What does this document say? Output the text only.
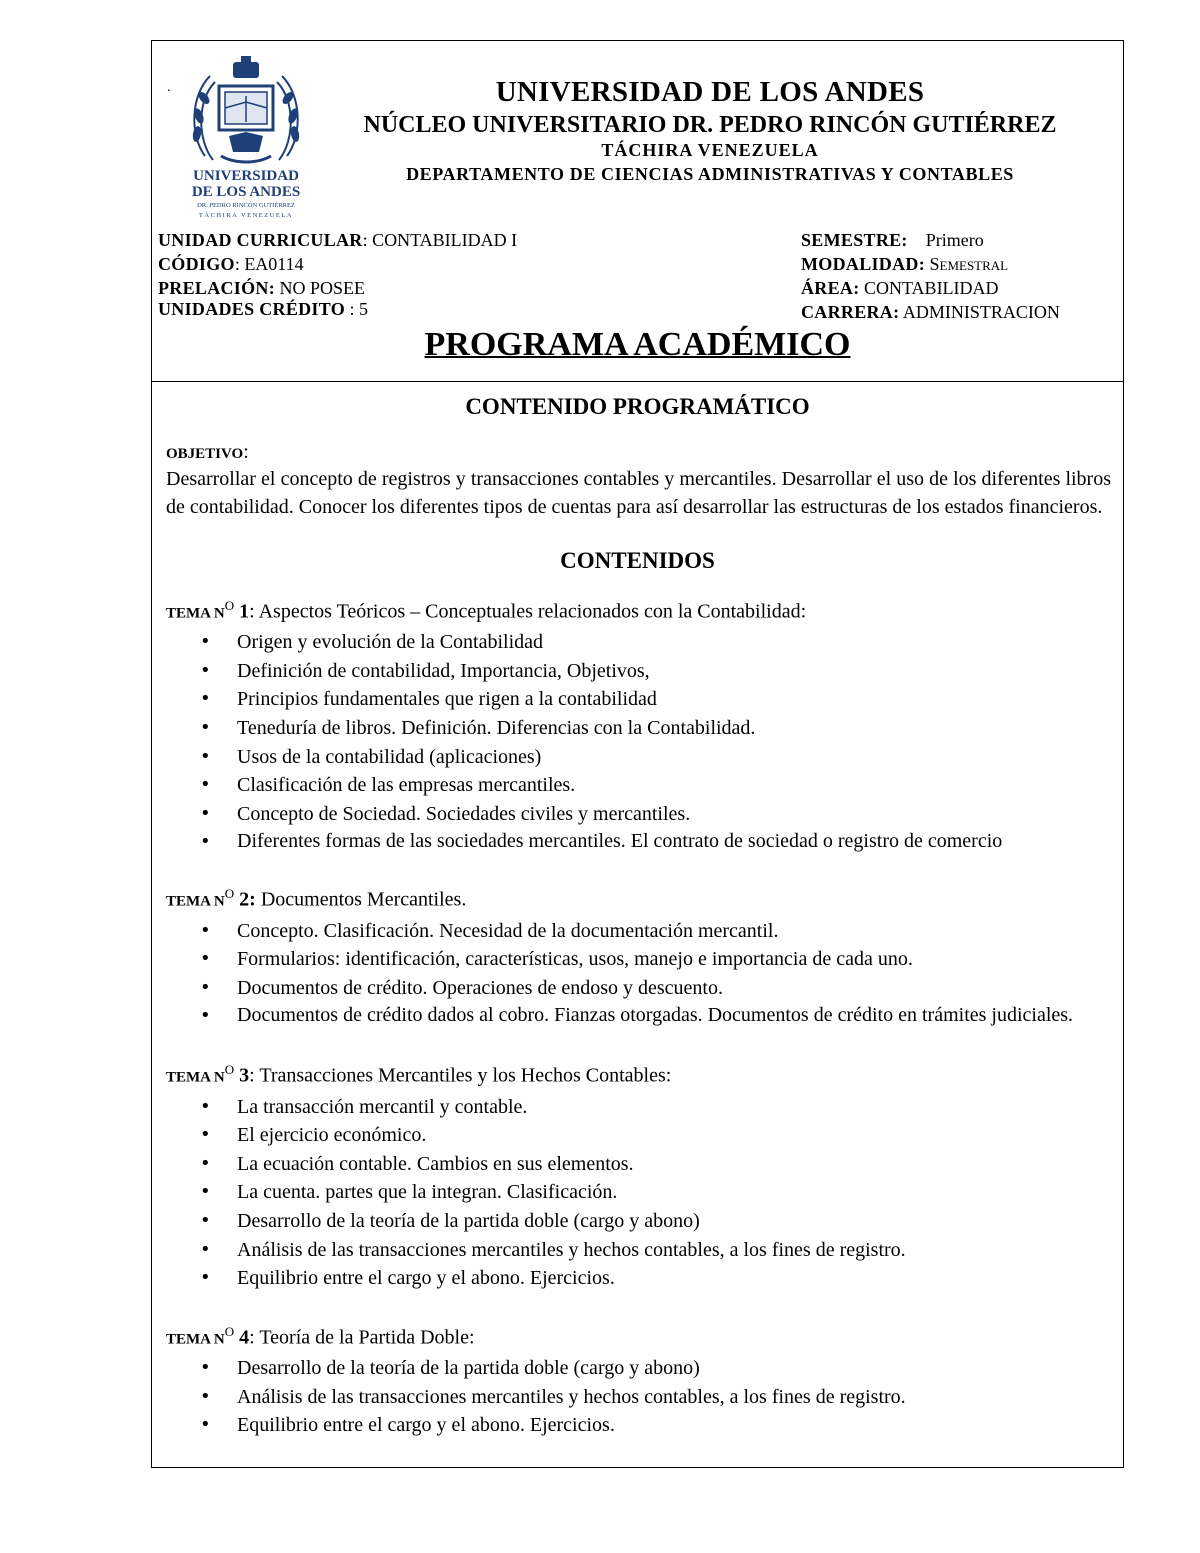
.
UNIVERSIDAD
DE LOS ANDES
DR. PEDRO RINCÓN GUTIÉRREZ
TÁCHIRA VENEZUELA
UNIVERSIDAD DE LOS ANDES
NÚCLEO UNIVERSITARIO DR. PEDRO RINCÓN GUTIÉRREZ
TÁCHIRA VENEZUELA
DEPARTAMENTO DE CIENCIAS ADMINISTRATIVAS Y CONTABLES
UNIDAD CURRICULAR: CONTABILIDAD I
CÓDIGO: EA0114
PRELACIÓN: NO POSEE
UNIDADES CRÉDITO : 5
SEMESTRE: Primero
MODALIDAD: Semestral
ÁREA: CONTABILIDAD
CARRERA: ADMINISTRACION
PROGRAMA ACADÉMICO
CONTENIDO PROGRAMÁTICO
OBJETIVO:
Desarrollar el concepto de registros y transacciones contables y mercantiles. Desarrollar el uso de los diferentes libros de contabilidad. Conocer los diferentes tipos de cuentas para así desarrollar las estructuras de los estados financieros.
CONTENIDOS
TEMA $N^O$ 1: Aspectos Teóricos – Conceptuales relacionados con la Contabilidad:
• Origen y evolución de la Contabilidad
• Definición de contabilidad, Importancia, Objetivos,
• Principios fundamentales que rigen a la contabilidad
• Teneduría de libros. Definición. Diferencias con la Contabilidad.
• Usos de la contabilidad (aplicaciones)
• Clasificación de las empresas mercantiles.
• Concepto de Sociedad. Sociedades civiles y mercantiles.
• Diferentes formas de las sociedades mercantiles. El contrato de sociedad o registro de comercio
TEMA $N^O$ 2: Documentos Mercantiles.
• Concepto. Clasificación. Necesidad de la documentación mercantil.
• Formularios: identificación, características, usos, manejo e importancia de cada uno.
• Documentos de crédito. Operaciones de endoso y descuento.
• Documentos de crédito dados al cobro. Fianzas otorgadas. Documentos de crédito en trámites judiciales.
TEMA $N^O$ 3: Transacciones Mercantiles y los Hechos Contables:
• La transacción mercantil y contable.
• El ejercicio económico.
• La ecuación contable. Cambios en sus elementos.
• La cuenta. partes que la integran. Clasificación.
• Desarrollo de la teoría de la partida doble (cargo y abono)
• Análisis de las transacciones mercantiles y hechos contables, a los fines de registro.
• Equilibrio entre el cargo y el abono. Ejercicios.
TEMA $N^O$ 4: Teoría de la Partida Doble:
• Desarrollo de la teoría de la partida doble (cargo y abono)
• Análisis de las transacciones mercantiles y hechos contables, a los fines de registro.
• Equilibrio entre el cargo y el abono. Ejercicios.
